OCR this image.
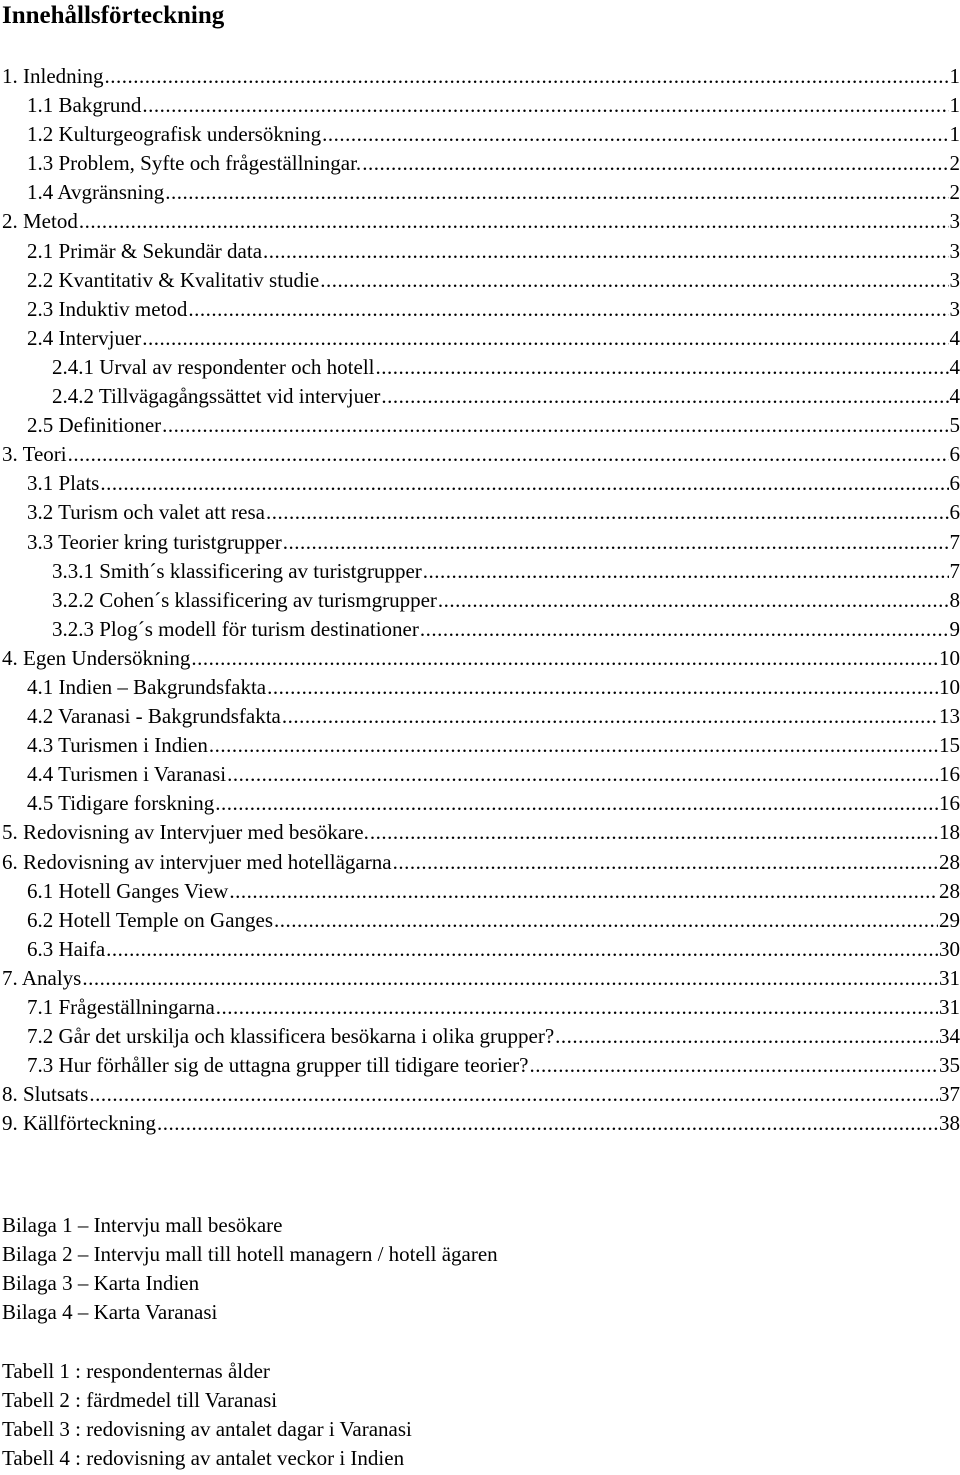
Innehållsförteckning
1. Inledning .....	1
1.1 Bakgrund .....	1
1.2 Kulturgeografisk undersökning .....	1
1.3 Problem, Syfte och frågeställningar. .....	2
1.4 Avgränsning .....	2
2. Metod .....	3
2.1 Primär & Sekundär data .....	3
2.2 Kvantitativ & Kvalitativ studie .....	3
2.3 Induktiv metod .....	3
2.4 Intervjuer .....	4
2.4.1 Urval av respondenter och hotell .....	4
2.4.2 Tillvägagångssättet vid intervjuer .....	4
2.5 Definitioner .....	5
3. Teori .....	6
3.1 Plats .....	6
3.2 Turism och valet att resa .....	6
3.3 Teorier kring turistgrupper .....	7
3.3.1 Smith´s klassificering av turistgrupper .....	7
3.2.2 Cohen´s klassificering av turismgrupper .....	8
3.2.3 Plog´s modell för turism destinationer .....	9
4. Egen Undersökning .....	10
4.1 Indien – Bakgrundsfakta .....	10
4.2 Varanasi - Bakgrundsfakta .....	13
4.3 Turismen i Indien .....	15
4.4 Turismen i Varanasi .....	16
4.5 Tidigare forskning .....	16
5. Redovisning av Intervjuer med besökare. .....	18
6. Redovisning av intervjuer med hotellägarna .....	28
6.1 Hotell Ganges View .....	28
6.2 Hotell Temple on Ganges .....	29
6.3 Haifa .....	30
7. Analys .....	31
7.1 Frågeställningarna .....	31
7.2 Går det urskilja och klassificera besökarna i olika grupper? .....	34
7.3 Hur förhåller sig de uttagna grupper till tidigare teorier? .....	35
8. Slutsats .....	37
9. Källförteckning .....	38
Bilaga 1 – Intervju mall besökare
Bilaga 2 – Intervju mall till hotell managern / hotell ägaren
Bilaga 3 – Karta Indien
Bilaga 4 – Karta Varanasi
Tabell 1 : respondenternas ålder
Tabell 2 : färdmedel till Varanasi
Tabell 3 : redovisning av antalet dagar i Varanasi
Tabell 4 : redovisning av antalet veckor i Indien
